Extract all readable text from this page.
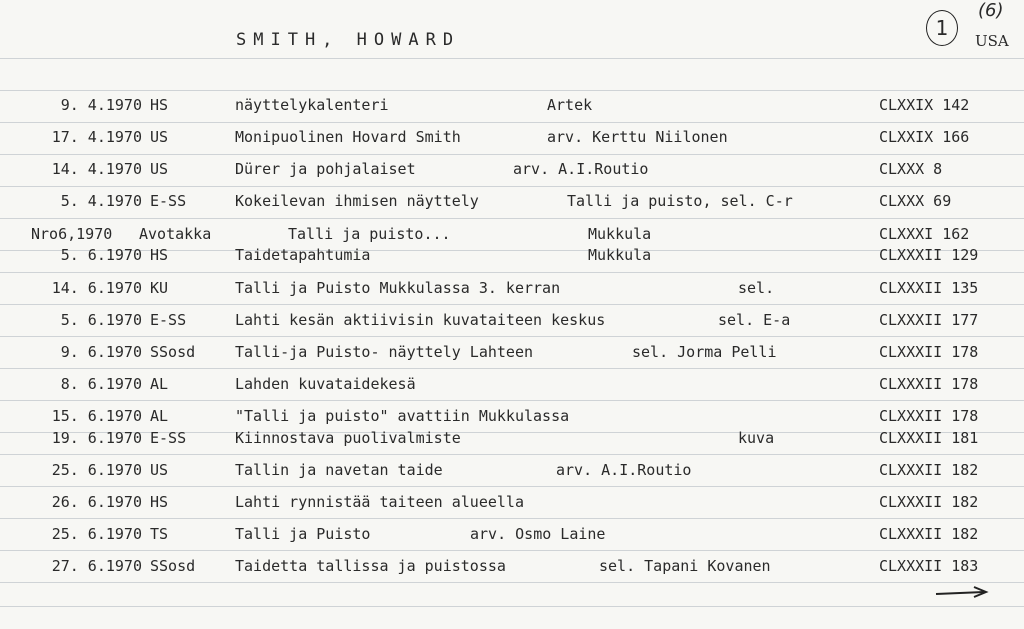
SMITH, HOWARD	1
(6)
USA
9. 4.1970 HS	näyttelykalenteri	Artek	CLXXIX 142
17. 4.1970 US	Monipuolinen Hovard Smith	arv. Kerttu Niilonen	CLXXIX 166
14. 4.1970 US	Dürer ja pohjalaiset	arv. A.I.Routio	CLXXX 8
5. 4.1970 E-SS	Kokeilevan ihmisen näyttely	Talli ja puisto, sel. C-r	CLXXX 69
Nro6,1970 Avotakka	Talli ja puisto...	Mukkula	CLXXXI 162
5. 6.1970 HS	Taidetapahtumia	Mukkula	CLXXXII 129
14. 6.1970 KU	Talli ja Puisto Mukkulassa 3. kerran	sel.	CLXXXII 135
5. 6.1970 E-SS	Lahti kesän aktiivisin kuvataiteen keskus	sel. E-a	CLXXXII 177
9. 6.1970 SSosd	Talli-ja Puisto- näyttely Lahteen	sel. Jorma Pelli	CLXXXII 178
8. 6.1970 AL	Lahden kuvataidekesä	CLXXXII 178
15. 6.1970 AL	"Talli ja puisto" avattiin Mukkulassa	CLXXXII 178
19. 6.1970 E-SS	Kiinnostava puolivalmiste	kuva	CLXXXII 181
25. 6.1970 US	Tallin ja navetan taide	arv. A.I.Routio	CLXXXII 182
26. 6.1970 HS	Lahti rynnistää taiteen alueella	CLXXXII 182
25. 6.1970 TS	Talli ja Puisto	arv. Osmo Laine	CLXXXII 182
27. 6.1970 SSosd	Taidetta tallissa ja puistossa	sel. Tapani Kovanen	CLXXXII 183
